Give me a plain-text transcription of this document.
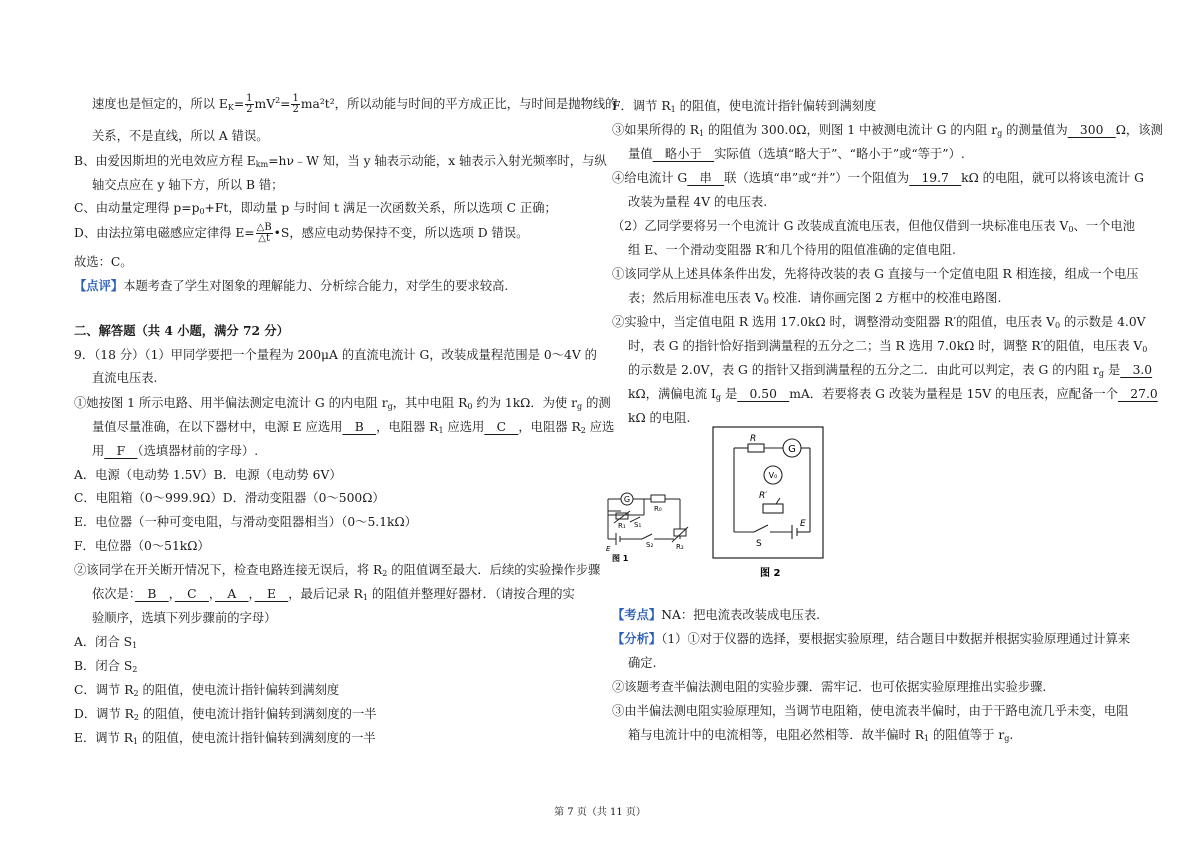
速度也是恒定的，所以 $E_K= \frac{1}{2} mV^2= \frac{1}{2} ma^2t^2$，所以动能与时间的平方成正比，与时间是抛物线的
关系，不是直线，所以 A 错误。
B、由爱因斯坦的光电效应方程 $E_{km}=h\nu﹣W$ 知，当 y 轴表示动能，x 轴表示入射光频率时，与纵
轴交点应在 y 轴下方，所以 B 错；
C、由动量定理得 $p=p_0+Ft$，即动量 p 与时间 t 满足一次函数关系，所以选项 C 正确；
D、由法拉第电磁感应定律得 $E= \frac{\triangle B}{\triangle t}$ •S，感应电动势保持不变，所以选项 D 错误。
故选：C。
【点评】本题考查了学生对图象的理解能力、分析综合能力，对学生的要求较高.
二、解答题（共 4 小题，满分 72 分）
9．（18 分）（1）甲同学要把一个量程为 200μA 的直流电流计 G，改装成量程范围是 0～4V 的
直流电压表.
①她按图 1 所示电路、用半偏法测定电流计 G 的内电阻 $r_g$，其中电阻 $R_0$ 约为 1kΩ．为使 $r_g$ 的测
量值尽量准确，在以下器材中，电源 E 应选用　B　，电阻器 $R_1$ 应选用　C　，电阻器 $R_2$ 应选
用　F　（选填器材前的字母）.
A．电源（电动势 1.5V）B．电源（电动势 6V）
C．电阻箱（0～999.9Ω）D．滑动变阻器（0～500Ω）
E．电位器（一种可变电阻，与滑动变阻器相当）（0～5.1kΩ）
F．电位器（0～51kΩ）
②该同学在开关断开情况下，检查电路连接无误后，将 $R_2$ 的阻值调至最大．后续的实验操作步骤
依次是：　B　，　C　，　A　，　E　，最后记录 $R_1$ 的阻值并整理好器材．（请按合理的实
验顺序，选填下列步骤前的字母）
A．闭合 $S_1$
B．闭合 $S_2$
C．调节 $R_2$ 的阻值，使电流计指针偏转到满刻度
D．调节 $R_2$ 的阻值，使电流计指针偏转到满刻度的一半
E．调节 $R_1$ 的阻值，使电流计指针偏转到满刻度的一半
F．调节 $R_1$ 的阻值，使电流计指针偏转到满刻度
③如果所得的 $R_1$ 的阻值为 300.0Ω，则图 1 中被测电流计 G 的内阻 $r_g$ 的测量值为　300　Ω，该测
量值　略小于　实际值（选填“略大于”、“略小于”或“等于”）.
④给电流计 G　串　联（选填“串”或“并”）一个阻值为　19.7　kΩ 的电阻，就可以将该电流计 G
改装为量程 4V 的电压表.
（2）乙同学要将另一个电流计 G 改装成直流电压表，但他仅借到一块标准电压表 $V_0$、一个电池
组 E、一个滑动变阻器 R′和几个待用的阻值准确的定值电阻.
①该同学从上述具体条件出发，先将待改装的表 G 直接与一个定值电阻 R 相连接，组成一个电压
表；然后用标准电压表 $V_0$ 校准．请你画完图 2 方框中的校准电路图.
②实验中，当定值电阻 R 选用 17.0kΩ 时，调整滑动变阻器 R′的阻值，电压表 $V_0$ 的示数是 4.0V
时，表 G 的指针恰好指到满量程的五分之二；当 R 选用 7.0kΩ 时，调整 R′的阻值，电压表 $V_0$
的示数是 2.0V，表 G 的指针又指到满量程的五分之二．由此可以判定，表 G 的内阻 $r_g$ 是　3.0
kΩ，满偏电流 $I_g$ 是　0.50　mA．若要将表 G 改装为量程是 15V 的电压表，应配备一个　27.0
kΩ 的电阻.
G
R₀
R₁ S₁
S₂	R₂
E
图 1
R
G
V₀
R′
S
E
图 2
【考点】NA：把电流表改装成电压表.
【分析】（1）①对于仪器的选择，要根据实验原理，结合题目中数据并根据实验原理通过计算来
确定.
②该题考查半偏法测电阻的实验步骤．需牢记．也可依据实验原理推出实验步骤.
③由半偏法测电阻实验原理知，当调节电阻箱，使电流表半偏时，由于干路电流几乎未变，电阻
箱与电流计中的电流相等，电阻必然相等．故半偏时 $R_1$ 的阻值等于 $r_g$.
第 7 页（共 11 页）
